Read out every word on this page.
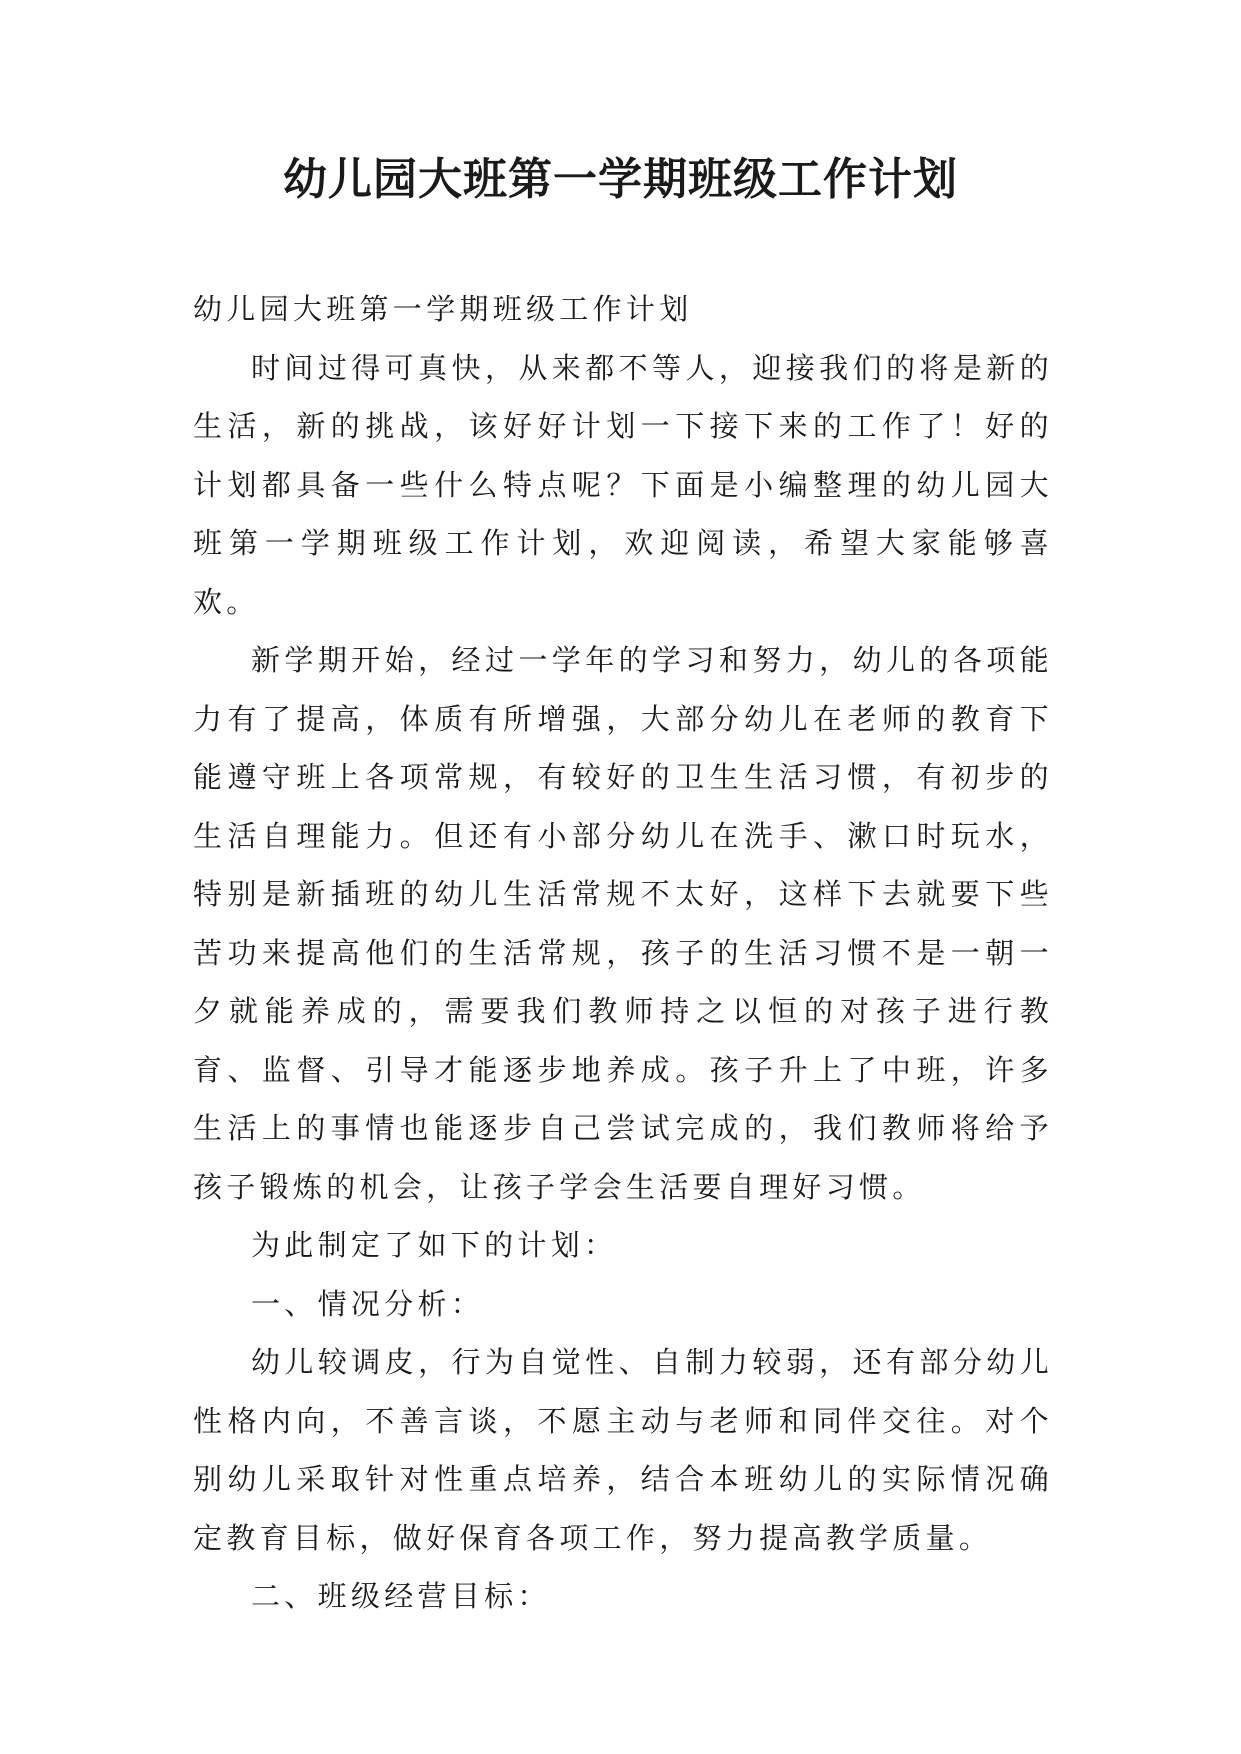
幼儿园大班第一学期班级工作计划

幼儿园大班第一学期班级工作计划

时间过得可真快，从来都不等人，迎接我们的将是新的生活，新的挑战，该好好计划一下接下来的工作了！好的计划都具备一些什么特点呢？下面是小编整理的幼儿园大班第一学期班级工作计划，欢迎阅读，希望大家能够喜欢。

新学期开始，经过一学年的学习和努力，幼儿的各项能力有了提高，体质有所增强，大部分幼儿在老师的教育下能遵守班上各项常规，有较好的卫生生活习惯，有初步的生活自理能力。但还有小部分幼儿在洗手、漱口时玩水，特别是新插班的幼儿生活常规不太好，这样下去就要下些苦功来提高他们的生活常规，孩子的生活习惯不是一朝一夕就能养成的，需要我们教师持之以恒的对孩子进行教育、监督、引导才能逐步地养成。孩子升上了中班，许多生活上的事情也能逐步自己尝试完成的，我们教师将给予孩子锻炼的机会，让孩子学会生活要自理好习惯。

为此制定了如下的计划：

一、情况分析：

幼儿较调皮，行为自觉性、自制力较弱，还有部分幼儿性格内向，不善言谈，不愿主动与老师和同伴交往。对个别幼儿采取针对性重点培养，结合本班幼儿的实际情况确定教育目标，做好保育各项工作，努力提高教学质量。

二、班级经营目标：
